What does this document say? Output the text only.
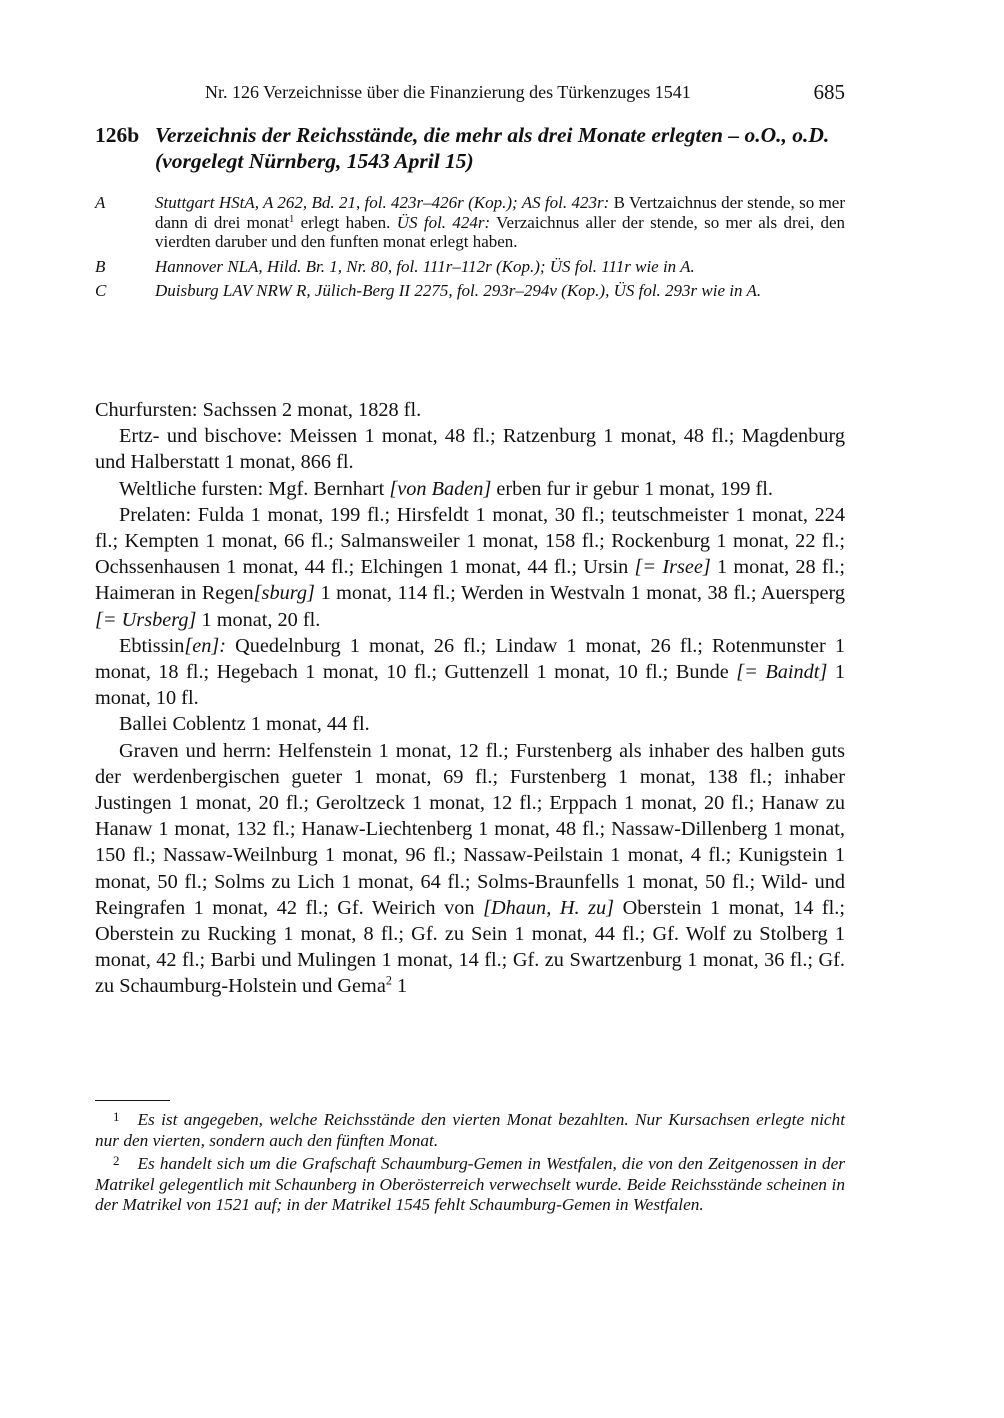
Nr. 126 Verzeichnisse über die Finanzierung des Türkenzuges 1541	685
126b Verzeichnis der Reichsstände, die mehr als drei Monate erlegten – o.O., o.D. (vorgelegt Nürnberg, 1543 April 15)
A	Stuttgart HStA, A 262, Bd. 21, fol. 423r–426r (Kop.); AS fol. 423r: B Vertzaichnus der stende, so mer dann di drei monat$^1$ erlegt haben. ÜS fol. 424r: Verzaichnus aller der stende, so mer als drei, den vierdten daruber und den funften monat erlegt haben.
B	Hannover NLA, Hild. Br. 1, Nr. 80, fol. 111r–112r (Kop.); ÜS fol. 111r wie in A.
C	Duisburg LAV NRW R, Jülich-Berg II 2275, fol. 293r–294v (Kop.), ÜS fol. 293r wie in A.

Churfursten: Sachssen 2 monat, 1828 fl.

Ertz- und bischove: Meissen 1 monat, 48 fl.; Ratzenburg 1 monat, 48 fl.; Magdenburg und Halberstatt 1 monat, 866 fl.

Weltliche fursten: Mgf. Bernhart [von Baden] erben fur ir gebur 1 monat, 199 fl.

Prelaten: Fulda 1 monat, 199 fl.; Hirsfeldt 1 monat, 30 fl.; teutschmeister 1 monat, 224 fl.; Kempten 1 monat, 66 fl.; Salmansweiler 1 monat, 158 fl.; Rockenburg 1 monat, 22 fl.; Ochssenhausen 1 monat, 44 fl.; Elchingen 1 monat, 44 fl.; Ursin [= Irsee] 1 monat, 28 fl.; Haimeran in Regen[sburg] 1 monat, 114 fl.; Werden in Westvaln 1 monat, 38 fl.; Auersperg [= Ursberg] 1 monat, 20 fl.

Ebtissin[en]: Quedelnburg 1 monat, 26 fl.; Lindaw 1 monat, 26 fl.; Rotenmunster 1 monat, 18 fl.; Hegebach 1 monat, 10 fl.; Guttenzell 1 monat, 10 fl.; Bunde [= Baindt] 1 monat, 10 fl.

Ballei Coblentz 1 monat, 44 fl.

Graven und herrn: Helfenstein 1 monat, 12 fl.; Furstenberg als inhaber des halben guts der werdenbergischen gueter 1 monat, 69 fl.; Furstenberg 1 monat, 138 fl.; inhaber Justingen 1 monat, 20 fl.; Geroltzeck 1 monat, 12 fl.; Erppach 1 monat, 20 fl.; Hanaw zu Hanaw 1 monat, 132 fl.; Hanaw-Liechtenberg 1 monat, 48 fl.; Nassaw-Dillenberg 1 monat, 150 fl.; Nassaw-Weilnburg 1 monat, 96 fl.; Nassaw-Peilstain 1 monat, 4 fl.; Kunigstein 1 monat, 50 fl.; Solms zu Lich 1 monat, 64 fl.; Solms-Braunfells 1 monat, 50 fl.; Wild- und Reingrafen 1 monat, 42 fl.; Gf. Weirich von [Dhaun, H. zu] Oberstein 1 monat, 14 fl.; Oberstein zu Rucking 1 monat, 8 fl.; Gf. zu Sein 1 monat, 44 fl.; Gf. Wolf zu Stolberg 1 monat, 42 fl.; Barbi und Mulingen 1 monat, 14 fl.; Gf. zu Swartzenburg 1 monat, 36 fl.; Gf. zu Schaumburg-Holstein und Gema$^2$ 1

$^1$ Es ist angegeben, welche Reichsstände den vierten Monat bezahlten. Nur Kursachsen erlegte nicht nur den vierten, sondern auch den fünften Monat.

$^2$ Es handelt sich um die Grafschaft Schaumburg-Gemen in Westfalen, die von den Zeitgenossen in der Matrikel gelegentlich mit Schaunberg in Oberösterreich verwechselt wurde. Beide Reichsstände scheinen in der Matrikel von 1521 auf; in der Matrikel 1545 fehlt Schaumburg-Gemen in Westfalen.
